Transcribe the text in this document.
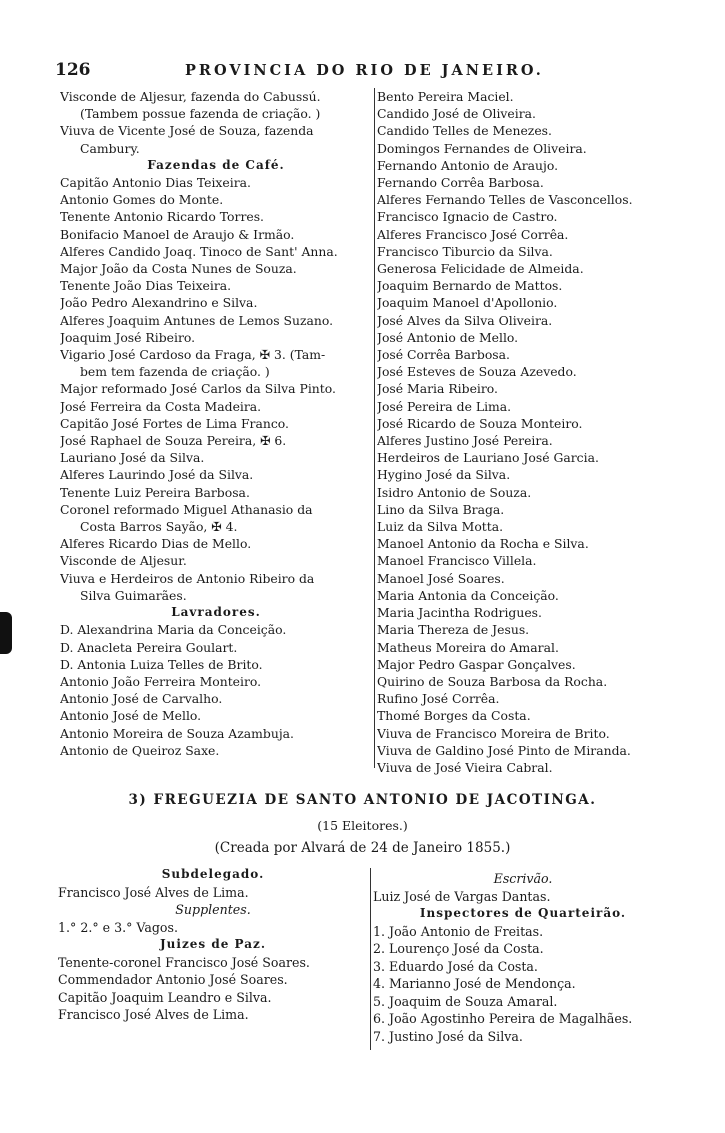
126	PROVINCIA DO RIO DE JANEIRO.
Visconde de Aljesur, fazenda do Cabussú.
(Tambem possue fazenda de criação. )
Viuva de Vicente José de Souza, fazenda
Cambury.
Fazendas de Café.
Capitão Antonio Dias Teixeira.
Antonio Gomes do Monte.
Tenente Antonio Ricardo Torres.
Bonifacio Manoel de Araujo & Irmão.
Alferes Candido Joaq. Tinoco de Sant' Anna.
Major João da Costa Nunes de Souza.
Tenente João Dias Teixeira.
João Pedro Alexandrino e Silva.
Alferes Joaquim Antunes de Lemos Suzano.
Joaquim José Ribeiro.
Vigario José Cardoso da Fraga, ✠ 3. (Tam-
bem tem fazenda de criação. )
Major reformado José Carlos da Silva Pinto.
José Ferreira da Costa Madeira.
Capitão José Fortes de Lima Franco.
José Raphael de Souza Pereira, ✠ 6.
Lauriano José da Silva.
Alferes Laurindo José da Silva.
Tenente Luiz Pereira Barbosa.
Coronel reformado Miguel Athanasio da
Costa Barros Sayão, ✠ 4.
Alferes Ricardo Dias de Mello.
Visconde de Aljesur.
Viuva e Herdeiros de Antonio Ribeiro da
Silva Guimarães.
Lavradores.
D. Alexandrina Maria da Conceição.
D. Anacleta Pereira Goulart.
D. Antonia Luiza Telles de Brito.
Antonio João Ferreira Monteiro.
Antonio José de Carvalho.
Antonio José de Mello.
Antonio Moreira de Souza Azambuja.
Antonio de Queiroz Saxe.
Bento Pereira Maciel.
Candido José de Oliveira.
Candido Telles de Menezes.
Domingos Fernandes de Oliveira.
Fernando Antonio de Araujo.
Fernando Corrêa Barbosa.
Alferes Fernando Telles de Vasconcellos.
Francisco Ignacio de Castro.
Alferes Francisco José Corrêa.
Francisco Tiburcio da Silva.
Generosa Felicidade de Almeida.
Joaquim Bernardo de Mattos.
Joaquim Manoel d'Apollonio.
José Alves da Silva Oliveira.
José Antonio de Mello.
José Corrêa Barbosa.
José Esteves de Souza Azevedo.
José Maria Ribeiro.
José Pereira de Lima.
José Ricardo de Souza Monteiro.
Alferes Justino José Pereira.
Herdeiros de Lauriano José Garcia.
Hygino José da Silva.
Isidro Antonio de Souza.
Lino da Silva Braga.
Luiz da Silva Motta.
Manoel Antonio da Rocha e Silva.
Manoel Francisco Villela.
Manoel José Soares.
Maria Antonia da Conceição.
Maria Jacintha Rodrigues.
Maria Thereza de Jesus.
Matheus Moreira do Amaral.
Major Pedro Gaspar Gonçalves.
Quirino de Souza Barbosa da Rocha.
Rufino José Corrêa.
Thomé Borges da Costa.
Viuva de Francisco Moreira de Brito.
Viuva de Galdino José Pinto de Miranda.
Viuva de José Vieira Cabral.
3) FREGUEZIA DE SANTO ANTONIO DE JACOTINGA.
(15 Eleitores.)
(Creada por Alvará de 24 de Janeiro 1855.)
Subdelegado.
Francisco José Alves de Lima.
Supplentes.
1.° 2.° e 3.° Vagos.
Juizes de Paz.
Tenente-coronel Francisco José Soares.
Commendador Antonio José Soares.
Capitão Joaquim Leandro e Silva.
Francisco José Alves de Lima.
Escrivão.
Luiz José de Vargas Dantas.
Inspectores de Quarteirão.
1. João Antonio de Freitas.
2. Lourenço José da Costa.
3. Eduardo José da Costa.
4. Marianno José de Mendonça.
5. Joaquim de Souza Amaral.
6. João Agostinho Pereira de Magalhães.
7. Justino José da Silva.
